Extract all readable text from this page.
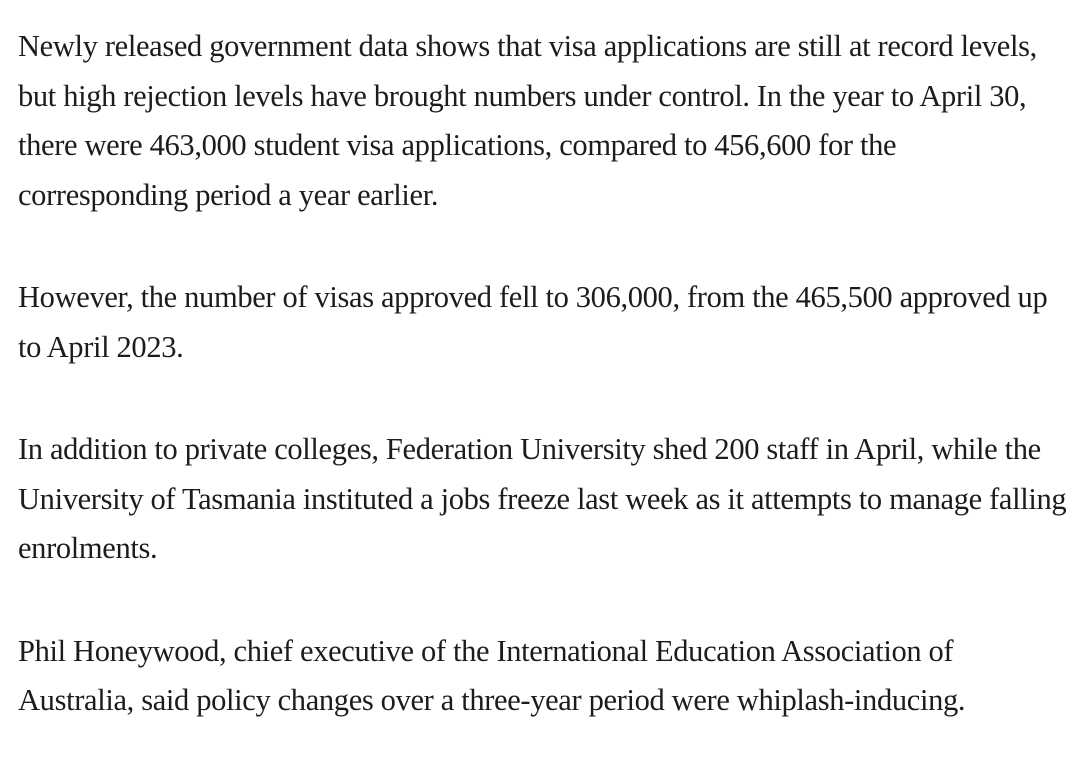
Newly released government data shows that visa applications are still at record levels, but high rejection levels have brought numbers under control. In the year to April 30, there were 463,000 student visa applications, compared to 456,600 for the corresponding period a year earlier.

However, the number of visas approved fell to 306,000, from the 465,500 approved up to April 2023.

In addition to private colleges, Federation University shed 200 staff in April, while the University of Tasmania instituted a jobs freeze last week as it attempts to manage falling enrolments.

Phil Honeywood, chief executive of the International Education Association of Australia, said policy changes over a three-year period were whiplash-inducing.
